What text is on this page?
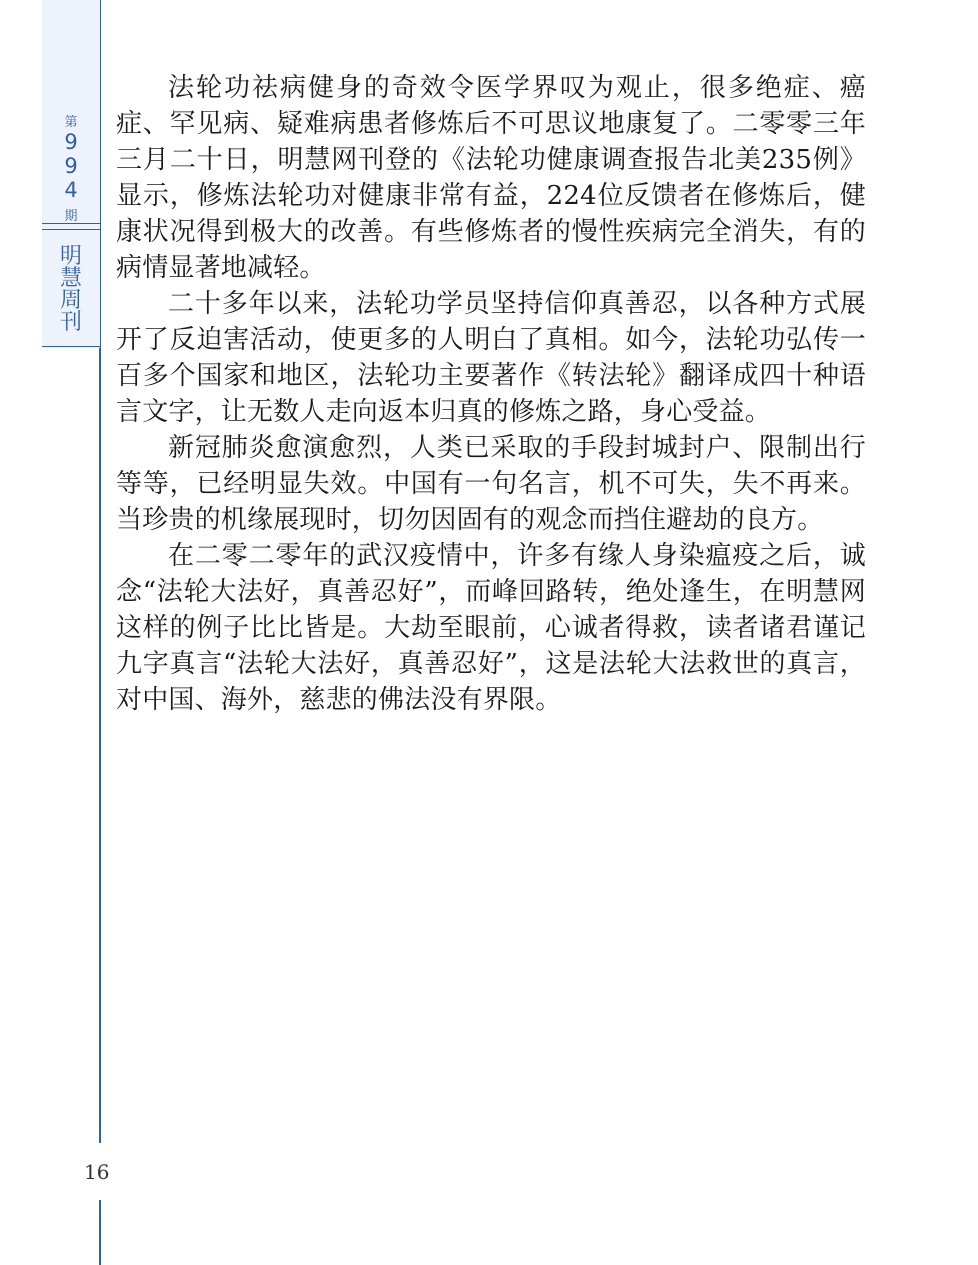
第
9
9
4
期
明
慧
周
刊

法轮功祛病健身的奇效令医学界叹为观止，很多绝症、癌症、罕见病、疑难病患者修炼后不可思议地康复了。二零零三年三月二十日，明慧网刊登的《法轮功健康调查报告北美235例》显示，修炼法轮功对健康非常有益，224位反馈者在修炼后，健康状况得到极大的改善。有些修炼者的慢性疾病完全消失，有的病情显著地减轻。

二十多年以来，法轮功学员坚持信仰真善忍，以各种方式展开了反迫害活动，使更多的人明白了真相。如今，法轮功弘传一百多个国家和地区，法轮功主要著作《转法轮》翻译成四十种语言文字，让无数人走向返本归真的修炼之路，身心受益。

新冠肺炎愈演愈烈，人类已采取的手段封城封户、限制出行等等，已经明显失效。中国有一句名言，机不可失，失不再来。当珍贵的机缘展现时，切勿因固有的观念而挡住避劫的良方。

在二零二零年的武汉疫情中，许多有缘人身染瘟疫之后，诚念“法轮大法好，真善忍好”，而峰回路转，绝处逢生，在明慧网这样的例子比比皆是。大劫至眼前，心诚者得救，读者诸君谨记九字真言“法轮大法好，真善忍好”，这是法轮大法救世的真言，对中国、海外，慈悲的佛法没有界限。

16
